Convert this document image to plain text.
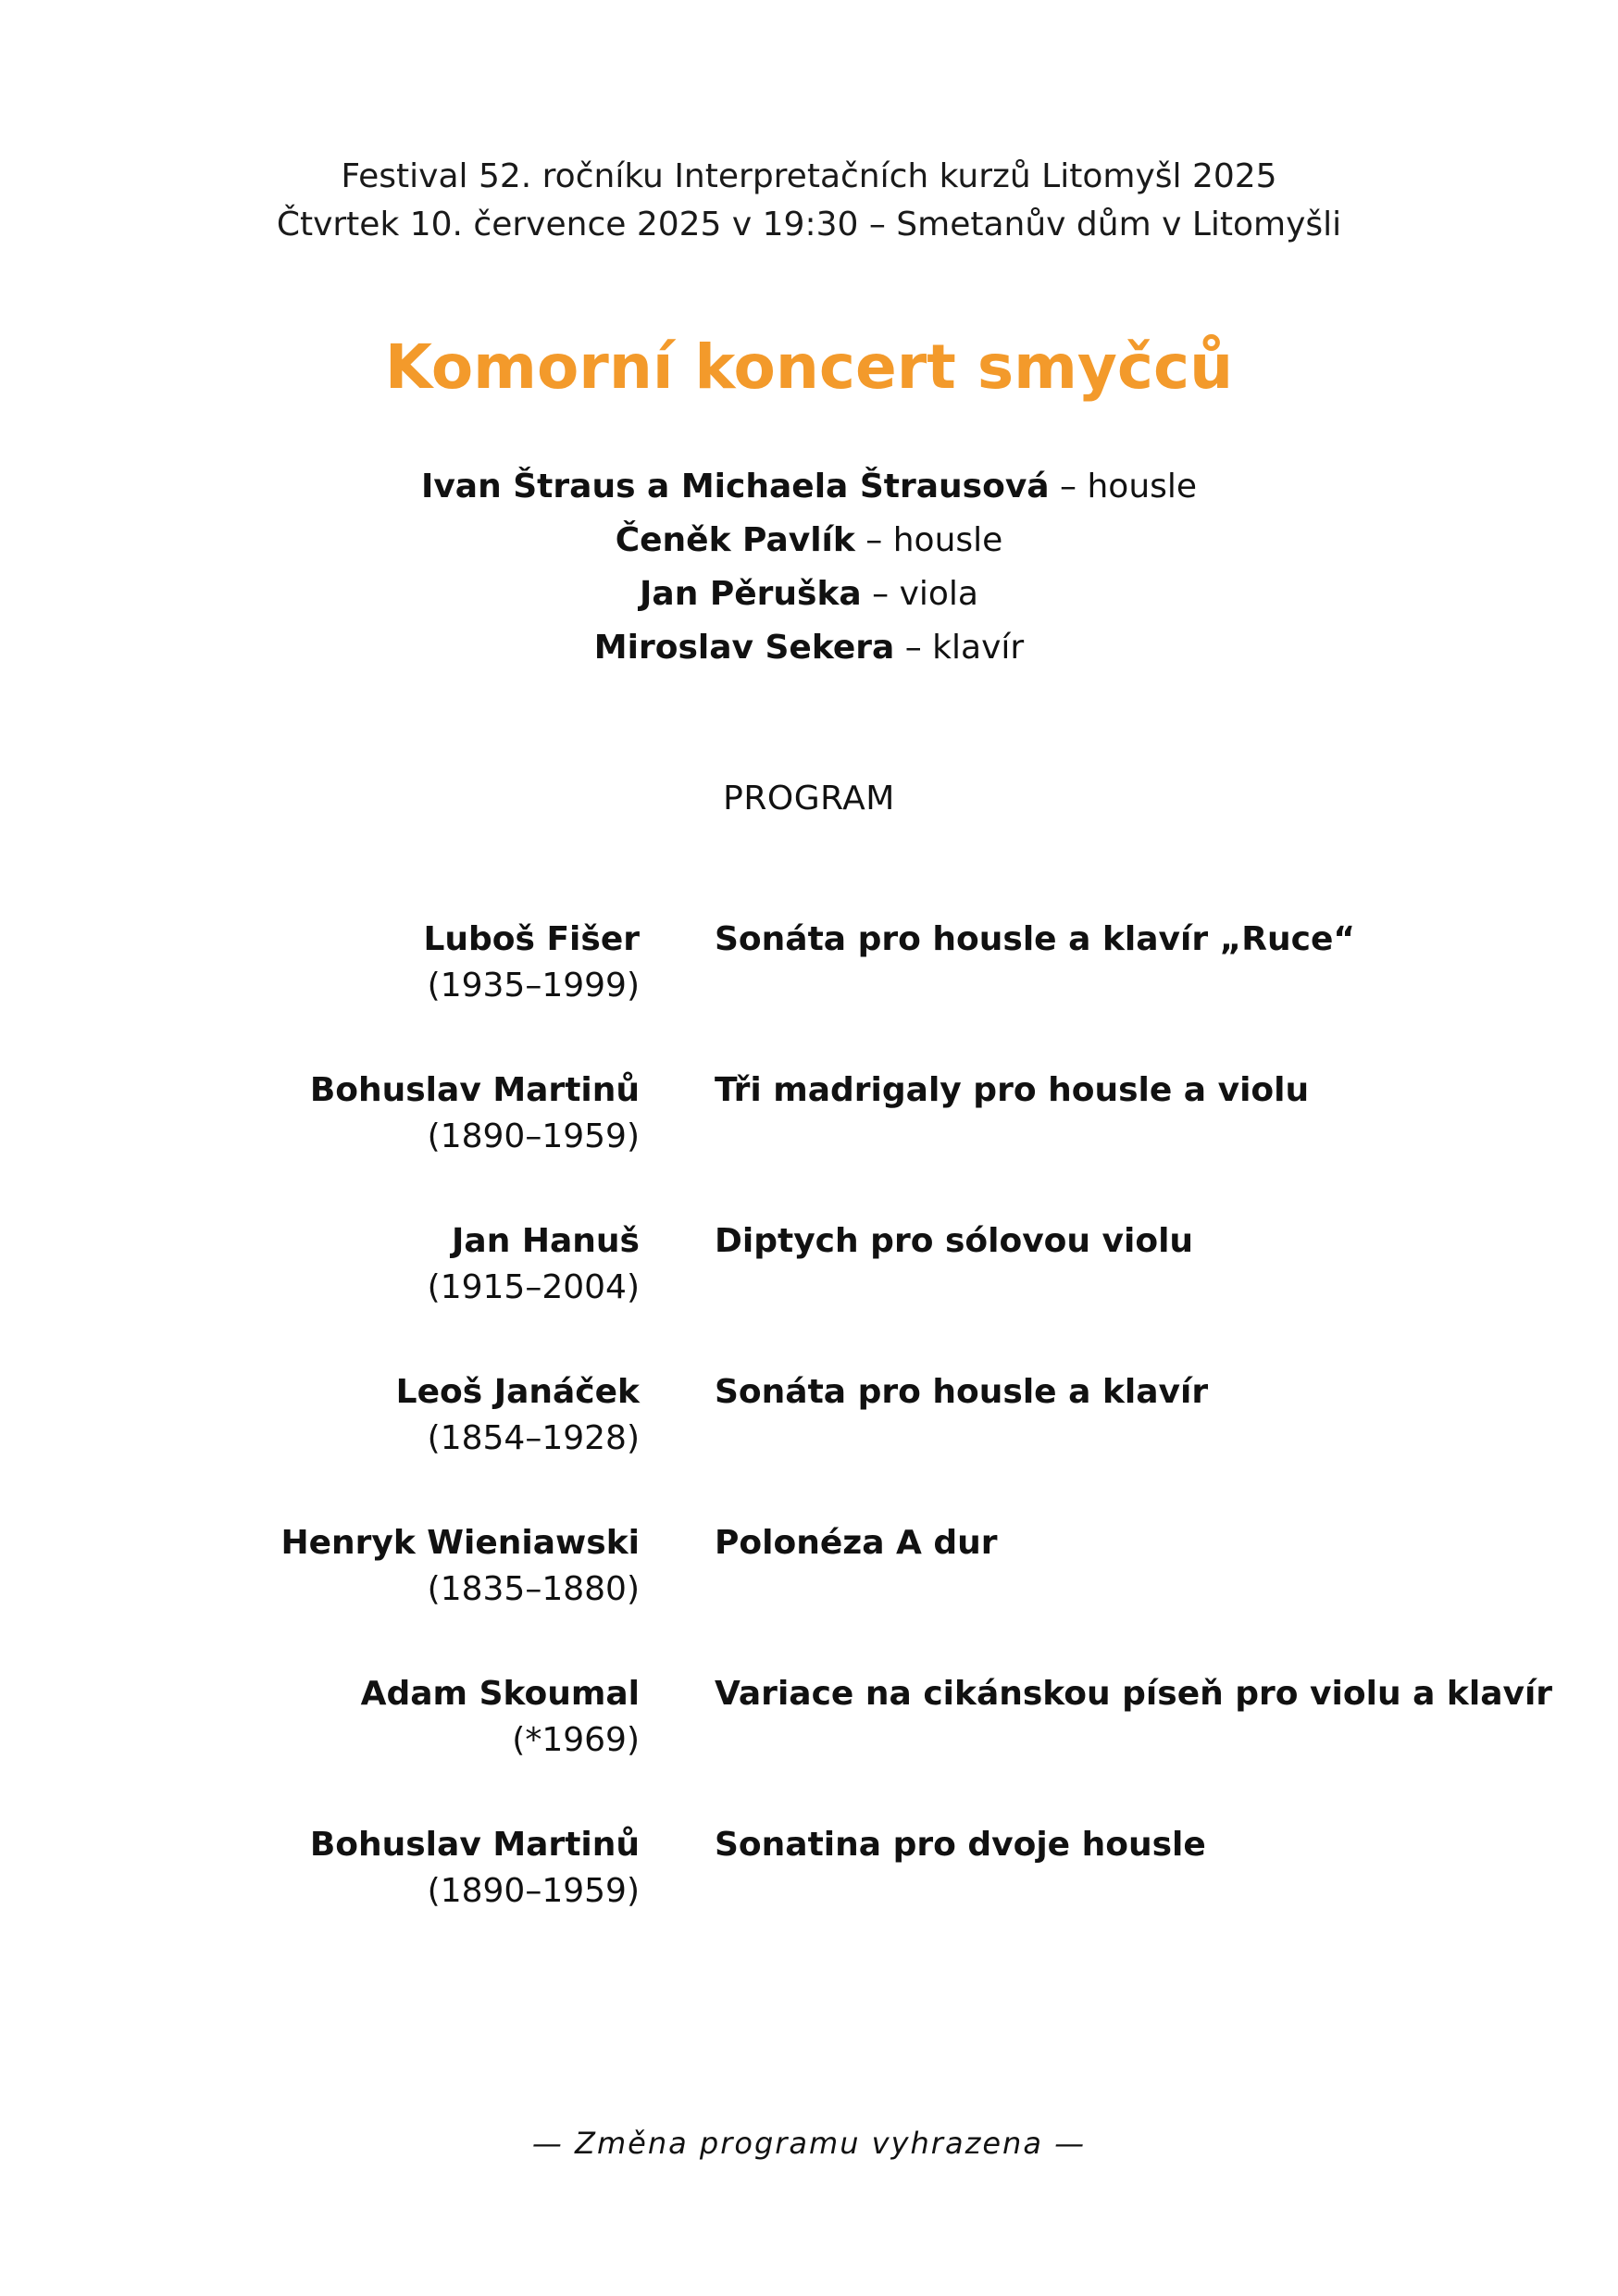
Festival 52. ročníku Interpretačních kurzů Litomyšl 2025
Čtvrtek 10. července 2025 v 19:30 – Smetanův dům v Litomyšli
Komorní koncert smyčců
Ivan Štraus a Michaela Štrausová – housle
Čeněk Pavlík – housle
Jan Pěruška – viola
Miroslav Sekera – klavír
PROGRAM
Luboš Fišer
(1935–1999)
Sonáta pro housle a klavír „Ruce“
Bohuslav Martinů
(1890–1959)
Tři madrigaly pro housle a violu
Jan Hanuš
(1915–2004)
Diptych pro sólovou violu
Leoš Janáček
(1854–1928)
Sonáta pro housle a klavír
Henryk Wieniawski
(1835–1880)
Polonéza A dur
Adam Skoumal
(*1969)
Variace na cikánskou píseň pro violu a klavír
Bohuslav Martinů
(1890–1959)
Sonatina pro dvoje housle
— Změna programu vyhrazena —
